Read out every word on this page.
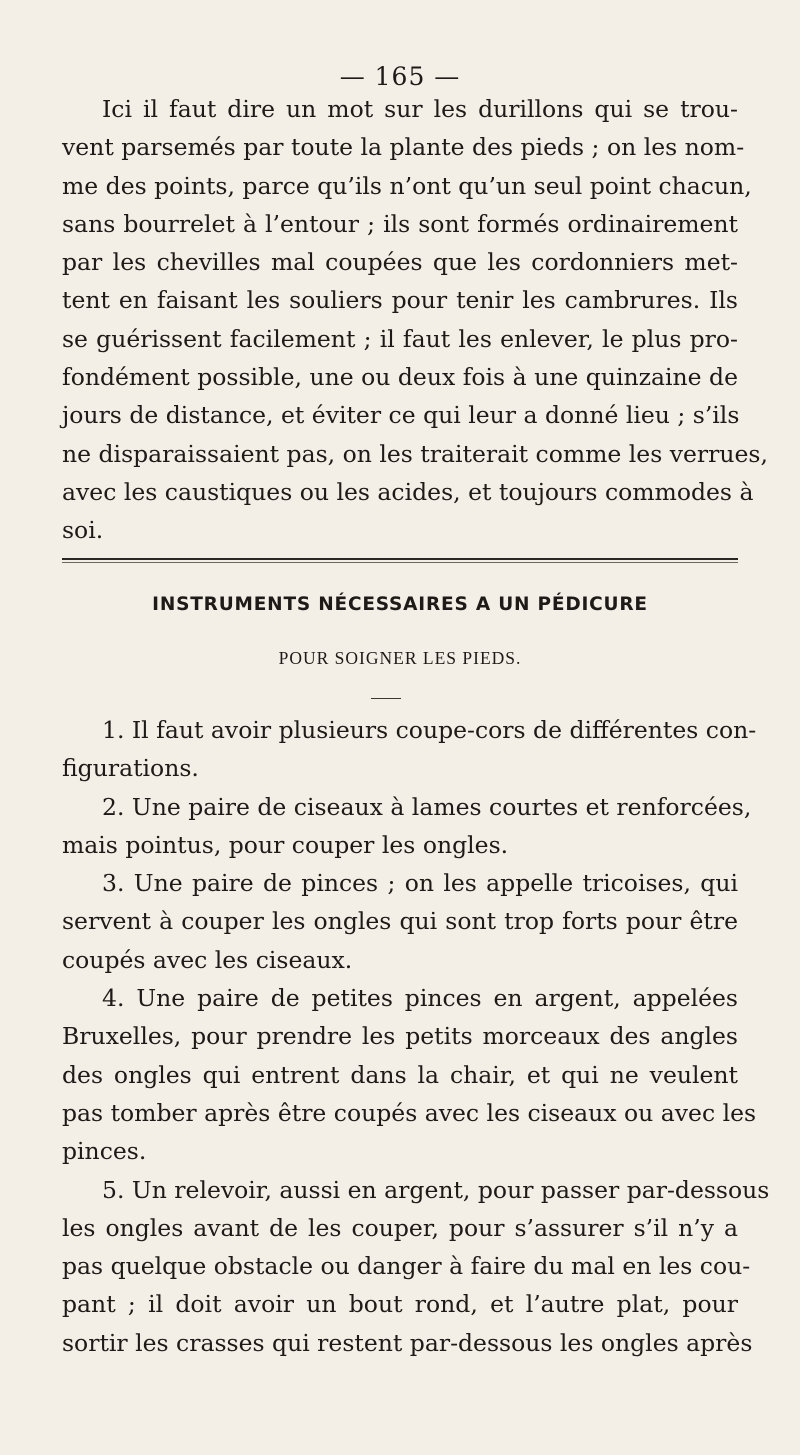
— 165 —
Ici il faut dire un mot sur les durillons qui se trou-
vent parsemés par toute la plante des pieds ; on les nom-
me des points, parce qu’ils n’ont qu’un seul point chacun,
sans bourrelet à l’entour ; ils sont formés ordinairement
par les chevilles mal coupées que les cordonniers met-
tent en faisant les souliers pour tenir les cambrures. Ils
se guérissent facilement ; il faut les enlever, le plus pro-
fondément possible, une ou deux fois à une quinzaine de
jours de distance, et éviter ce qui leur a donné lieu ; s’ils
ne disparaissaient pas, on les traiterait comme les verrues,
avec les caustiques ou les acides, et toujours commodes à
soi.
INSTRUMENTS NÉCESSAIRES A UN PÉDICURE
POUR SOIGNER LES PIEDS.
1. Il faut avoir plusieurs coupe-cors de différentes con-
figurations.
2. Une paire de ciseaux à lames courtes et renforcées,
mais pointus, pour couper les ongles.
3. Une paire de pinces ; on les appelle tricoises, qui
servent à couper les ongles qui sont trop forts pour être
coupés avec les ciseaux.
4. Une paire de petites pinces en argent, appelées
Bruxelles, pour prendre les petits morceaux des angles
des ongles qui entrent dans la chair, et qui ne veulent
pas tomber après être coupés avec les ciseaux ou avec les
pinces.
5. Un relevoir, aussi en argent, pour passer par-dessous
les ongles avant de les couper, pour s’assurer s’il n’y a
pas quelque obstacle ou danger à faire du mal en les cou-
pant ; il doit avoir un bout rond, et l’autre plat, pour
sortir les crasses qui restent par-dessous les ongles après
